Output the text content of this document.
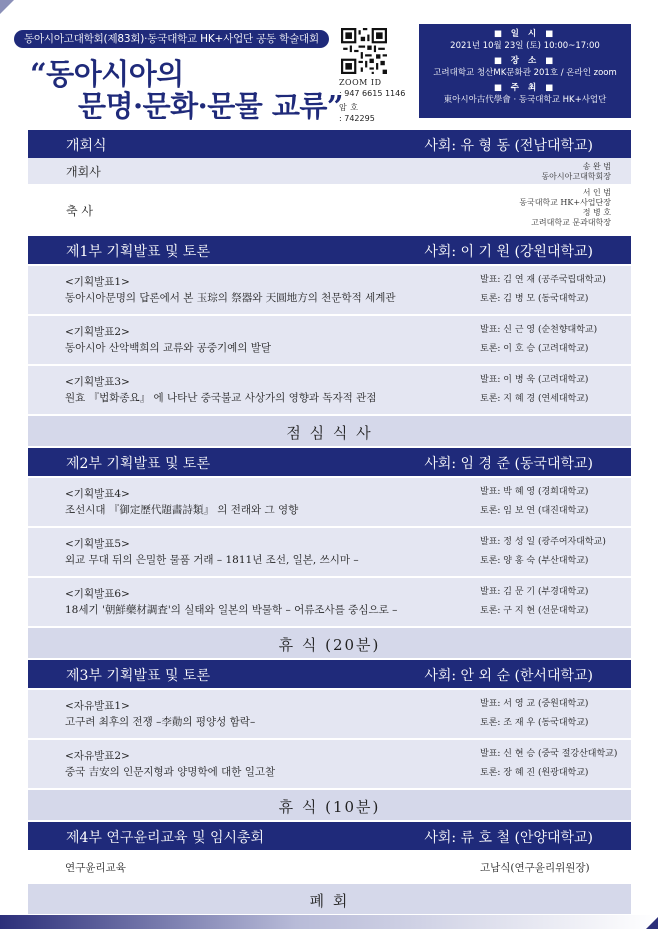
동아시아고대학회(제83회)·동국대학교 HK+사업단 공동 학술대회
“동아시아의
문명·문화·문물 교류”
ZOOM ID
: 947 6615 1146
암 호
: 742295
■ 일 시 ■
2021년 10월 23일 (토) 10:00~17:00
■ 장 소 ■
고려대학교 청산MK문화관 201호 / 온라인 zoom
■ 주 최 ■
東아시아古代學會 · 동국대학교 HK+사업단
개회식	사회: 유 형 동 (전남대학교)
개회사	송 완 범
동아시아고대학회장
축 사
서 인 범
동국대학교 HK+사업단장
정 병 호
고려대학교 문과대학장
제1부 기획발표 및 토론	사회: 이 기 원 (강원대학교)
<기획발표1>
동아시아문명의 답론에서 본 玉琮의 祭器와 天圓地方의 천문학적 세계관
발표: 김 연 재 (공주국립대학교)
토론: 김 병 모 (동국대학교)
<기획발표2>
동아시아 산악백희의 교류와 공중기예의 발달
발표: 신 근 영 (순천향대학교)
토론: 이 호 승 (고려대학교)
<기획발표3>
원효 『법화종요』 에 나타난 중국불교 사상가의 영향과 독자적 관점
발표: 이 병 욱 (고려대학교)
토론: 지 혜 경 (연세대학교)
점 심 식 사
제2부 기획발표 및 토론	사회: 임 경 준 (동국대학교)
<기획발표4>
조선시대 『御定歷代題畵詩類』 의 전래와 그 영향
발표: 박 혜 영 (경희대학교)
토론: 임 보 연 (대진대학교)
<기획발표5>
외교 무대 뒤의 은밀한 물품 거래 – 1811년 조선, 일본, 쓰시마 –
발표: 정 성 일 (광주여자대학교)
토론: 양 홍 숙 (부산대학교)
<기획발표6>
18세기 '朝鮮藥材調査'의 실태와 일본의 박물학 – 어류조사를 중심으로 –
발표: 김 문 기 (부경대학교)
토론: 구 지 현 (선문대학교)
휴 식 (20분)
제3부 기획발표 및 토론	사회: 안 외 순 (한서대학교)
<자유발표1>
고구려 최후의 전쟁 –李勣의 평양성 함락–
발표: 서 영 교 (중원대학교)
토론: 조 재 우 (동국대학교)
<자유발표2>
중국 吉安의 인문지형과 양명학에 대한 일고찰
발표: 신 현 승 (중국 절강산대학교)
토론: 장 혜 진 (원광대학교)
휴 식 (10분)
제4부 연구윤리교육 및 임시총회	사회: 류 호 철 (안양대학교)
연구윤리교육	고남식(연구윤리위원장)
폐 회
